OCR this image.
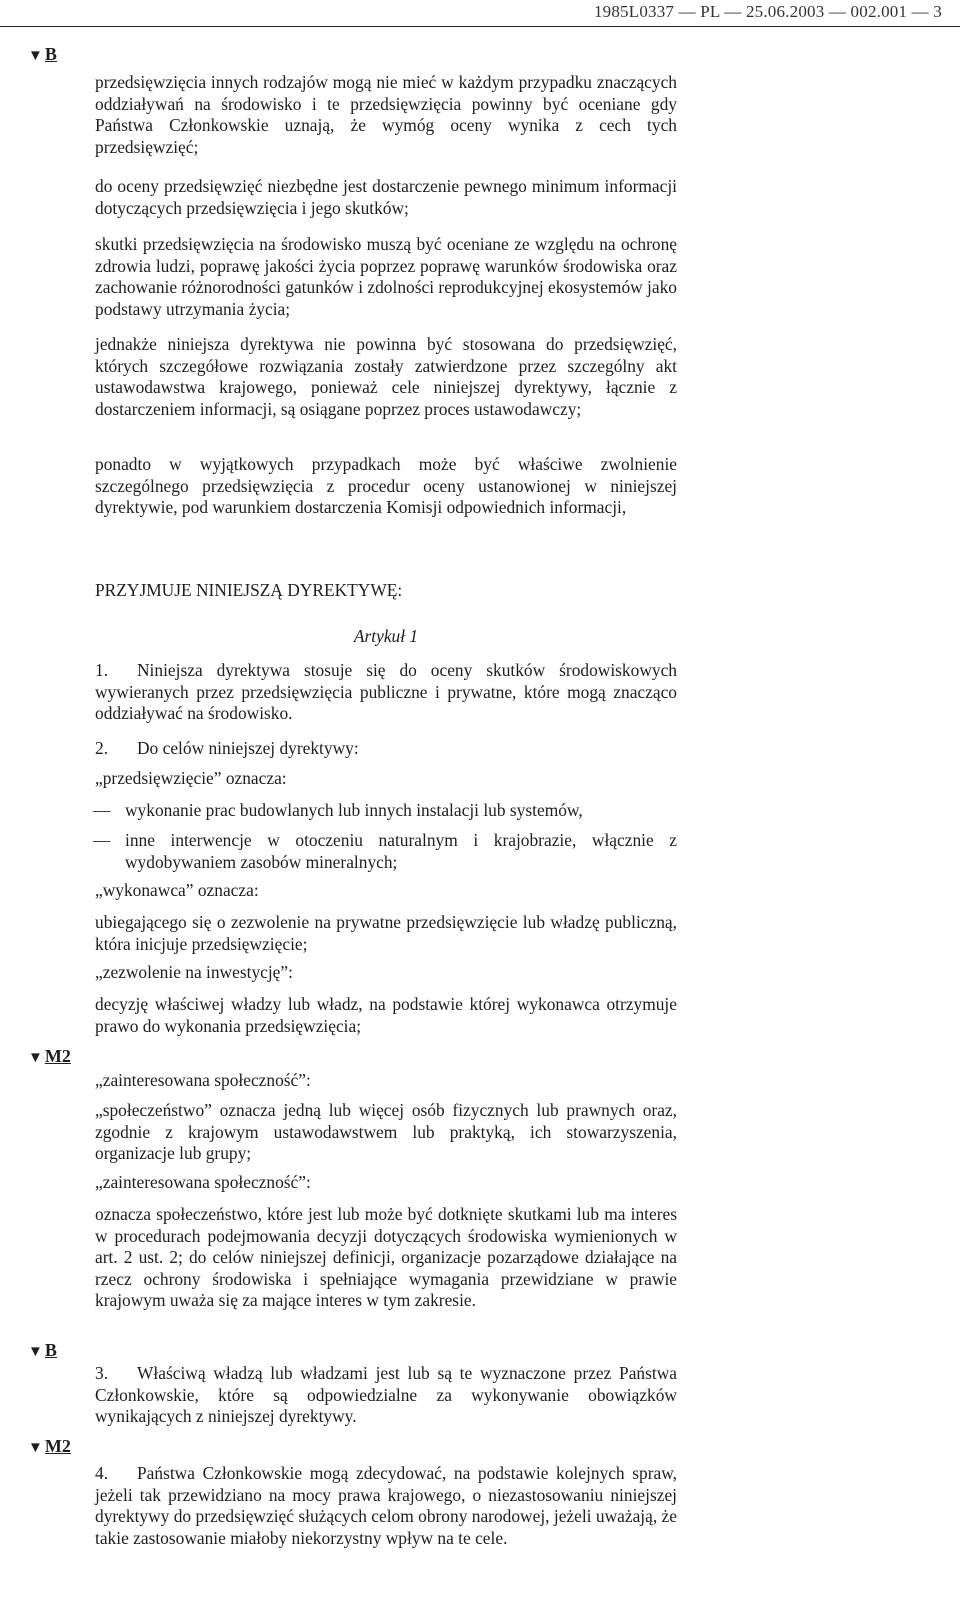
1985L0337 — PL — 25.06.2003 — 002.001 — 3
▼ B
▼ M2
▼ B
▼ M2

przedsięwzięcia innych rodzajów mogą nie mieć w każdym przypadku znaczących oddziaływań na środowisko i te przedsięwzięcia powinny być oceniane gdy Państwa Członkowskie uznają, że wymóg oceny wynika z cech tych przedsięwzięć;

do oceny przedsięwzięć niezbędne jest dostarczenie pewnego minimum informacji dotyczących przedsięwzięcia i jego skutków;

skutki przedsięwzięcia na środowisko muszą być oceniane ze względu na ochronę zdrowia ludzi, poprawę jakości życia poprzez poprawę warunków środowiska oraz zachowanie różnorodności gatunków i zdolności reprodukcyjnej ekosystemów jako podstawy utrzymania życia;

jednakże niniejsza dyrektywa nie powinna być stosowana do przedsięwzięć, których szczegółowe rozwiązania zostały zatwierdzone przez szczególny akt ustawodawstwa krajowego, ponieważ cele niniejszej dyrektywy, łącznie z dostarczeniem informacji, są osiągane poprzez proces ustawodawczy;

ponadto w wyjątkowych przypadkach może być właściwe zwolnienie szczególnego przedsięwzięcia z procedur oceny ustanowionej w niniejszej dyrektywie, pod warunkiem dostarczenia Komisji odpowiednich informacji,

PRZYJMUJE NINIEJSZĄ DYREKTYWĘ:

Artykuł 1

1. Niniejsza dyrektywa stosuje się do oceny skutków środowiskowych wywieranych przez przedsięwzięcia publiczne i prywatne, które mogą znacząco oddziaływać na środowisko.

2. Do celów niniejszej dyrektywy:

„przedsięwzięcie” oznacza:

— wykonanie prac budowlanych lub innych instalacji lub systemów,

— inne interwencje w otoczeniu naturalnym i krajobrazie, włącznie z wydobywaniem zasobów mineralnych;

„wykonawca” oznacza:

ubiegającego się o zezwolenie na prywatne przedsięwzięcie lub władzę publiczną, która inicjuje przedsięwzięcie;

„zezwolenie na inwestycję”:

decyzję właściwej władzy lub władz, na podstawie której wykonawca otrzymuje prawo do wykonania przedsięwzięcia;

„zainteresowana społeczność”:

„społeczeństwo” oznacza jedną lub więcej osób fizycznych lub prawnych oraz, zgodnie z krajowym ustawodawstwem lub praktyką, ich stowarzyszenia, organizacje lub grupy;

„zainteresowana społeczność”:

oznacza społeczeństwo, które jest lub może być dotknięte skutkami lub ma interes w procedurach podejmowania decyzji dotyczących środowiska wymienionych w art. 2 ust. 2; do celów niniejszej definicji, organizacje pozarządowe działające na rzecz ochrony środowiska i spełniające wymagania przewidziane w prawie krajowym uważa się za mające interes w tym zakresie.

3. Właściwą władzą lub władzami jest lub są te wyznaczone przez Państwa Członkowskie, które są odpowiedzialne za wykonywanie obowiązków wynikających z niniejszej dyrektywy.

4. Państwa Członkowskie mogą zdecydować, na podstawie kolejnych spraw, jeżeli tak przewidziano na mocy prawa krajowego, o niezastosowaniu niniejszej dyrektywy do przedsięwzięć służących celom obrony narodowej, jeżeli uważają, że takie zastosowanie miałoby niekorzystny wpływ na te cele.
